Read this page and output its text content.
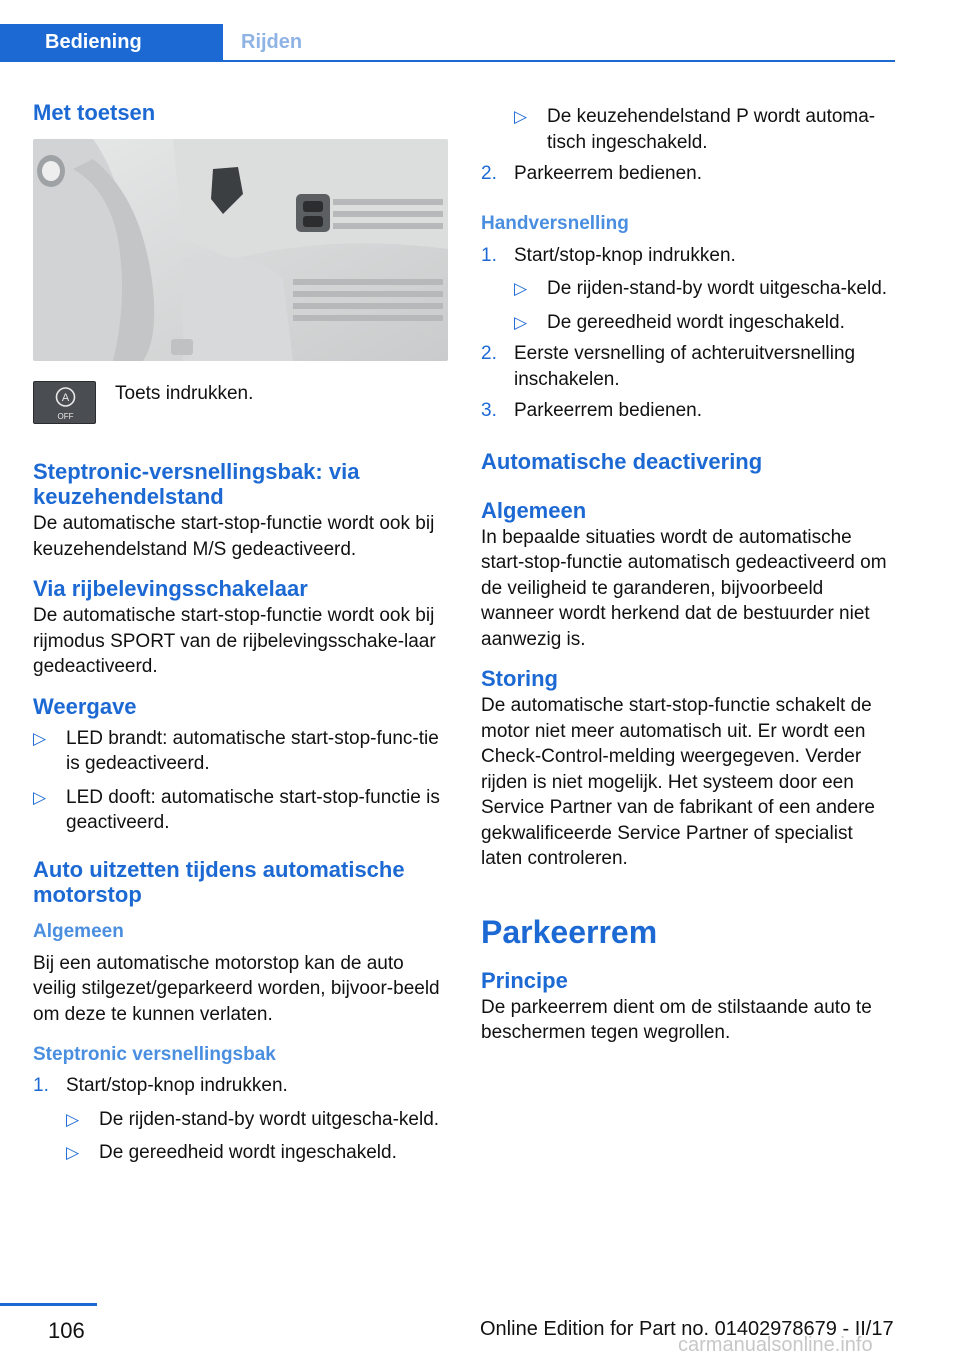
Bediening	Rijden
Met toetsen
A
OFF
Toets indrukken.
Steptronic-versnellingsbak: via keuzehendelstand

De automatische start-stop-functie wordt ook bij keuzehendelstand M/S gedeactiveerd.

Via rijbelevingsschakelaar

De automatische start-stop-functie wordt ook bij rijmodus SPORT van de rijbelevingsschake-laar gedeactiveerd.

Weergave
▷ LED brandt: automatische start-stop-func-tie is gedeactiveerd.
▷ LED dooft: automatische start-stop-functie is geactiveerd.
Auto uitzetten tijdens automatische motorstop
Algemeen

Bij een automatische motorstop kan de auto veilig stilgezet/geparkeerd worden, bijvoor-beeld om deze te kunnen verlaten.

Steptronic versnellingsbak
1. Start/stop-knop indrukken.
▷ De rijden-stand-by wordt uitgescha-keld.
▷ De gereedheid wordt ingeschakeld.
▷ De keuzehendelstand P wordt automa-tisch ingeschakeld.
2. Parkeerrem bedienen.
Handversnelling
1. Start/stop-knop indrukken.
▷ De rijden-stand-by wordt uitgescha-keld.
▷ De gereedheid wordt ingeschakeld.
2. Eerste versnelling of achteruitversnelling inschakelen.
3. Parkeerrem bedienen.
Automatische deactivering
Algemeen

In bepaalde situaties wordt de automatische start-stop-functie automatisch gedeactiveerd om de veiligheid te garanderen, bijvoorbeeld wanneer wordt herkend dat de bestuurder niet aanwezig is.

Storing

De automatische start-stop-functie schakelt de motor niet meer automatisch uit. Er wordt een Check-Control-melding weergegeven. Verder rijden is niet mogelijk. Het systeem door een Service Partner van de fabrikant of een andere gekwalificeerde Service Partner of specialist laten controleren.

Parkeerrem
Principe

De parkeerrem dient om de stilstaande auto te beschermen tegen wegrollen.

106	Online Edition for Part no. 01402978679 - II/17
carmanualsonline.info
